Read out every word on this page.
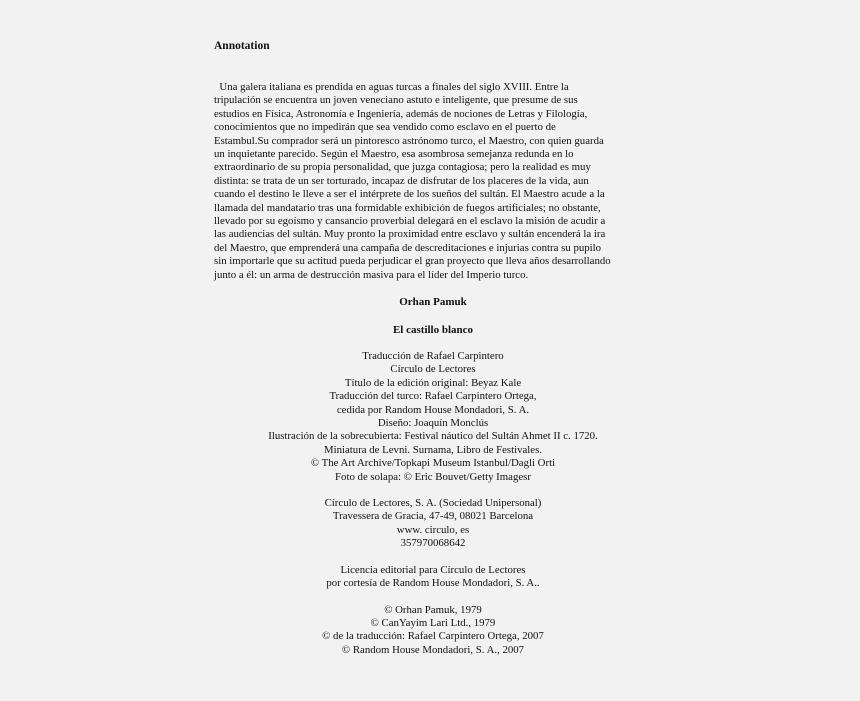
Annotation
Una galera italiana es prendida en aguas turcas a finales del siglo XVIII. Entre la
tripulación se encuentra un joven veneciano astuto e inteligente, que presume de sus
estudios en Física, Astronomía e Ingeniería, además de nociones de Letras y Filología,
conocimientos que no impedirán que sea vendido como esclavo en el puerto de
Estambul.Su comprador será un pintoresco astrónomo turco, el Maestro, con quien guarda
un inquietante parecido. Según el Maestro, esa asombrosa semejanza redunda en lo
extraordinario de su propia personalidad, que juzga contagiosa; pero la realidad es muy
distinta: se trata de un ser torturado, incapaz de disfrutar de los placeres de la vida, aun
cuando el destino le lleve a ser el intérprete de los sueños del sultán. El Maestro acude a la
llamada del mandatario tras una formidable exhibición de fuegos artificiales; no obstante,
llevado por su egoísmo y cansancio proverbial delegará en el esclavo la misión de acudir a
las audiencias del sultán. Muy pronto la proximidad entre esclavo y sultán encenderá la ira
del Maestro, que emprenderá una campaña de descreditaciones e injurias contra su pupilo
sin importarle que su actitud pueda perjudicar el gran proyecto que lleva años desarrollando
junto a él: un arma de destrucción masiva para el líder del Imperio turco.
Orhan Pamuk
El castillo blanco
Traducción de Rafael Carpintero
Círculo de Lectores
Título de la edición original: Beyaz Kale
Traducción del turco: Rafael Carpintero Ortega,
cedida por Random House Mondadori, S. A.
Diseño: Joaquín Monclús
Ilustración de la sobrecubierta: Festival náutico del Sultán Ahmet II c. 1720.
Miniatura de Levni. Surnama, Libro de Festivales.
© The Art Archive/Topkapi Museum Istanbul/Dagli Orti
Foto de solapa: © Eric Bouvet/Getty Imagesr
Círculo de Lectores, S. A. (Sociedad Unipersonal)
Travessera de Gracia, 47-49, 08021 Barcelona
www. circulo, es
357970068642
Licencia editorial para Círculo de Lectores
por cortesía de Random House Mondadori, S. A..
© Orhan Pamuk, 1979
© CanYayim Lari Ltd., 1979
© de la traducción: Rafael Carpintero Ortega, 2007
© Random House Mondadori, S. A., 2007
